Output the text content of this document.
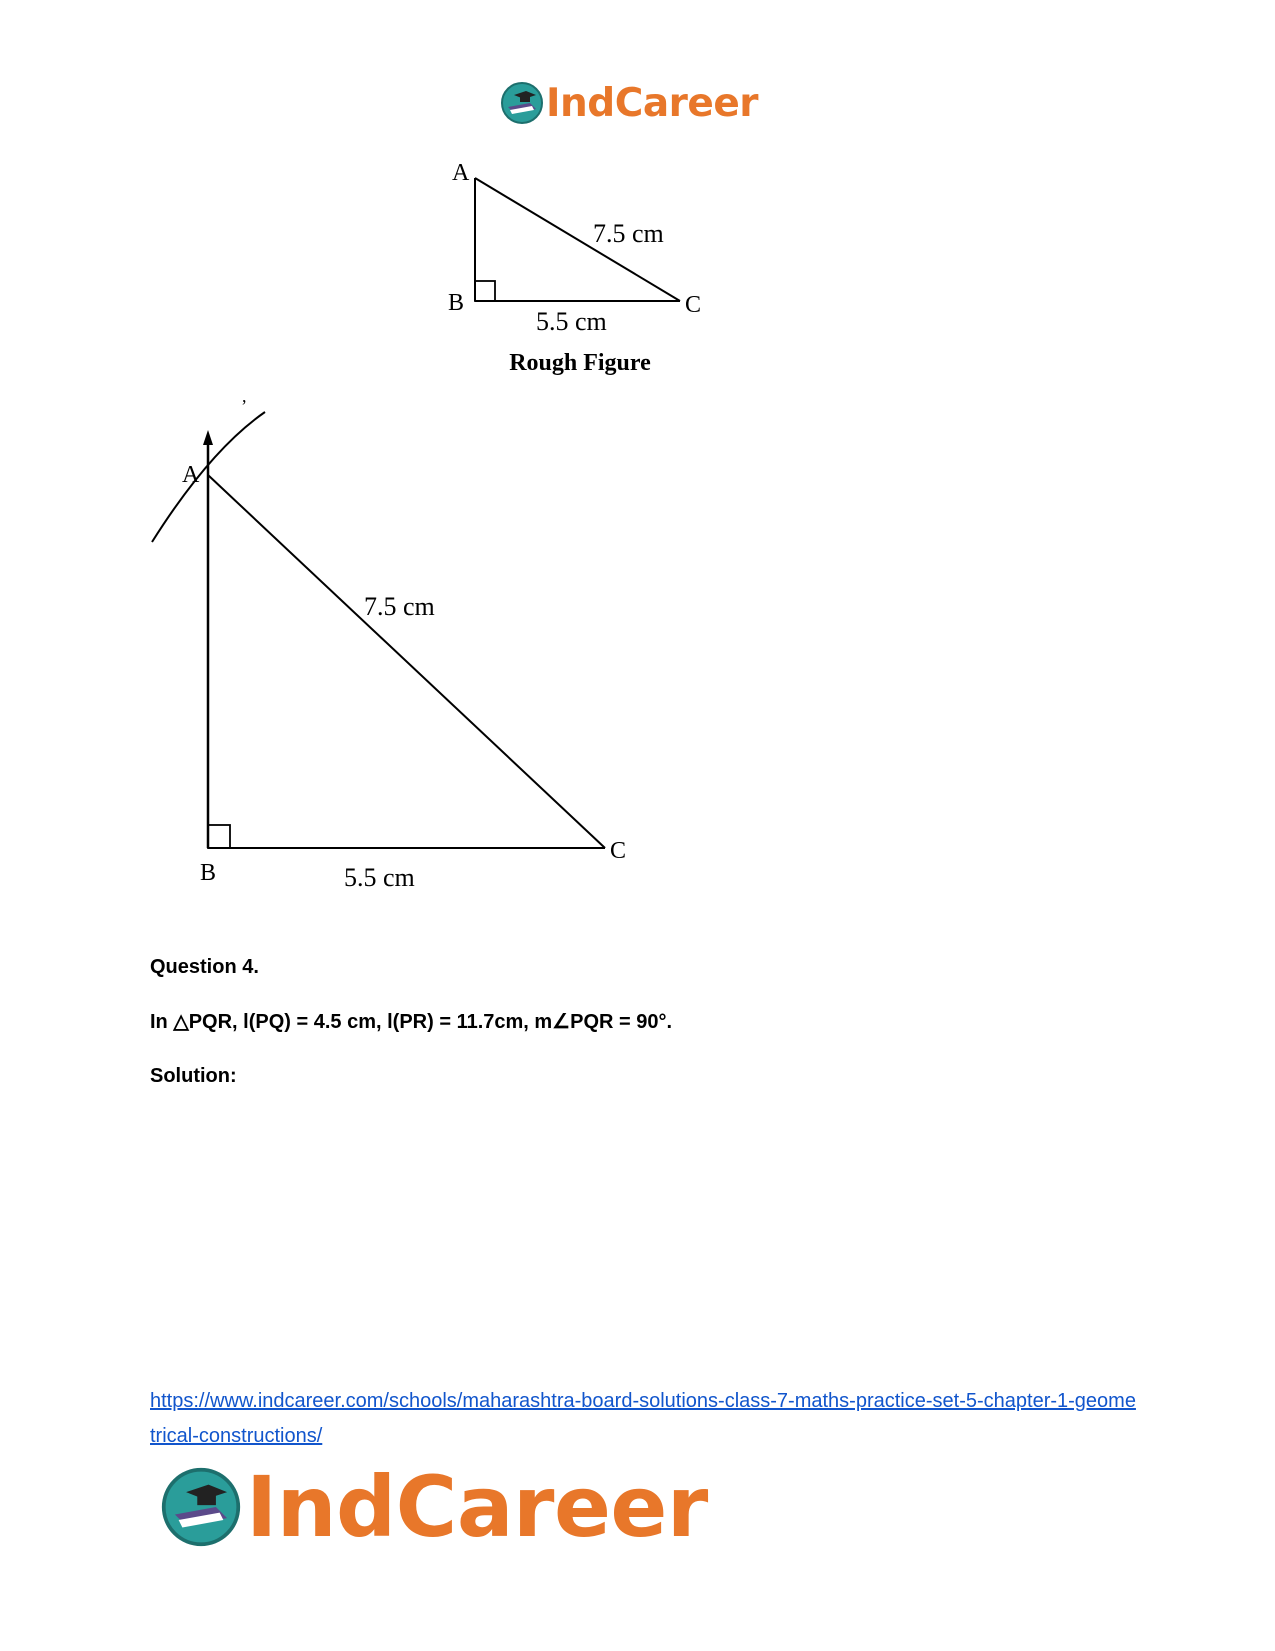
IndCareer
A
B	C
7.5 cm
5.5 cm
Rough Figure
,
A
B
C
7.5 cm
5.5 cm
Question 4.
In △PQR, l(PQ) = 4.5 cm, l(PR) = 11.7cm, m∠PQR = 90°.
Solution:
https://www.indcareer.com/schools/maharashtra-board-solutions-class-7-maths-practice-set-5-chapter-1-geometrical-constructions/
IndCareer
